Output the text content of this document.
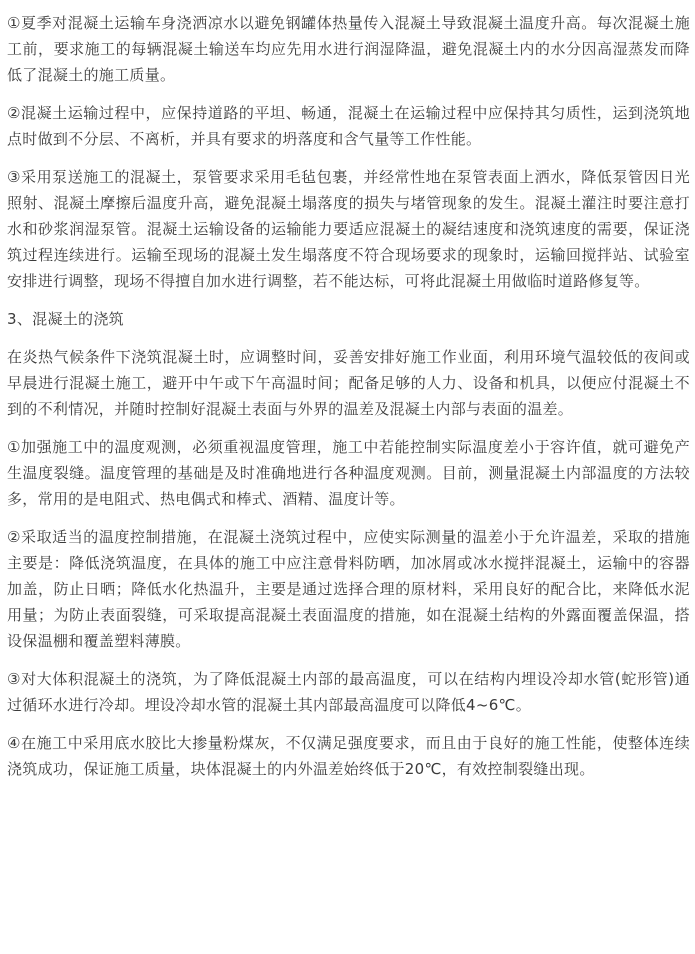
①夏季对混凝土运输车身浇洒凉水以避免钢罐体热量传入混凝土导致混凝土温度升高。每次混凝土施工前，要求施工的每辆混凝土输送车均应先用水进行润湿降温，避免混凝土内的水分因高湿蒸发而降低了混凝土的施工质量。

②混凝土运输过程中，应保持道路的平坦、畅通，混凝土在运输过程中应保持其匀质性，运到浇筑地点时做到不分层、不离析，并具有要求的坍落度和含气量等工作性能。

③采用泵送施工的混凝土，泵管要求采用毛毡包裹，并经常性地在泵管表面上洒水，降低泵管因日光照射、混凝土摩擦后温度升高，避免混凝土塌落度的损失与堵管现象的发生。混凝土灌注时要注意打水和砂浆润湿泵管。混凝土运输设备的运输能力要适应混凝土的凝结速度和浇筑速度的需要，保证浇筑过程连续进行。运输至现场的混凝土发生塌落度不符合现场要求的现象时，运输回搅拌站、试验室安排进行调整，现场不得擅自加水进行调整，若不能达标，可将此混凝土用做临时道路修复等。

3、混凝土的浇筑

在炎热气候条件下浇筑混凝土时，应调整时间，妥善安排好施工作业面，利用环境气温较低的夜间或早晨进行混凝土施工，避开中午或下午高温时间；配备足够的人力、设备和机具，以便应付混凝土不到的不利情况，并随时控制好混凝土表面与外界的温差及混凝土内部与表面的温差。

①加强施工中的温度观测，必须重视温度管理，施工中若能控制实际温度差小于容许值，就可避免产生温度裂缝。温度管理的基础是及时准确地进行各种温度观测。目前，测量混凝土内部温度的方法较多，常用的是电阻式、热电偶式和棒式、酒精、温度计等。

②采取适当的温度控制措施，在混凝土浇筑过程中，应使实际测量的温差小于允许温差，采取的措施主要是：降低浇筑温度，在具体的施工中应注意骨料防晒，加冰屑或冰水搅拌混凝土，运输中的容器加盖，防止日晒；降低水化热温升，主要是通过选择合理的原材料，采用良好的配合比，来降低水泥用量；为防止表面裂缝，可采取提高混凝土表面温度的措施，如在混凝土结构的外露面覆盖保温，搭设保温棚和覆盖塑料薄膜。

③对大体积混凝土的浇筑，为了降低混凝土内部的最高温度，可以在结构内埋设冷却水管(蛇形管)通过循环水进行冷却。埋设冷却水管的混凝土其内部最高温度可以降低4~6℃。

④在施工中采用底水胶比大掺量粉煤灰，不仅满足强度要求，而且由于良好的施工性能，使整体连续浇筑成功，保证施工质量，块体混凝土的内外温差始终低于20℃，有效控制裂缝出现。
